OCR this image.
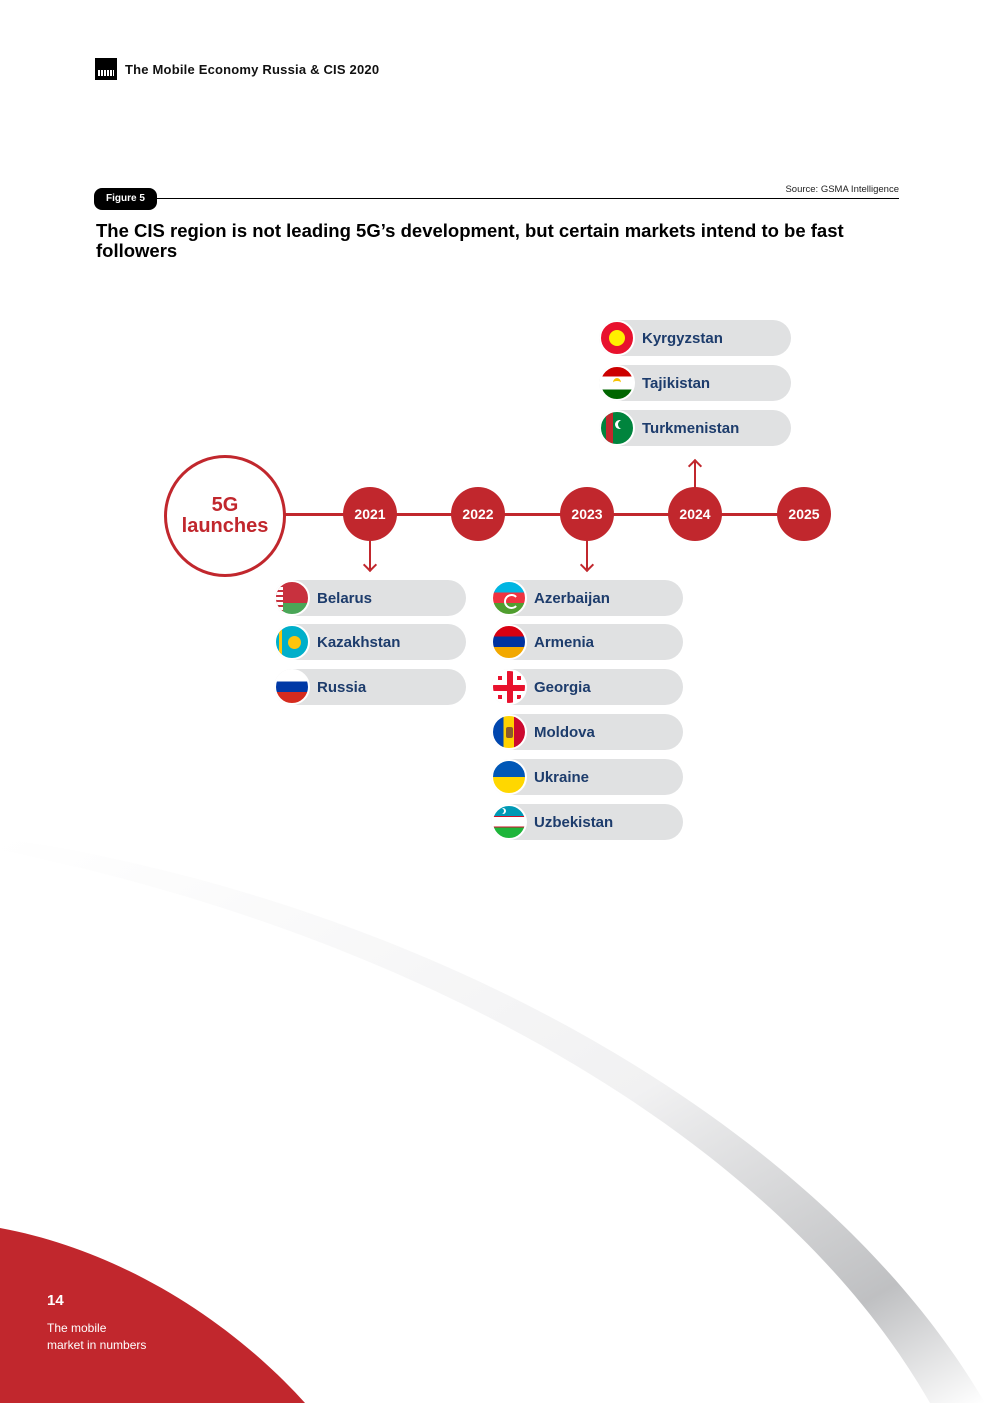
The Mobile Economy Russia & CIS 2020
Figure 5
Source: GSMA Intelligence
The CIS region is not leading 5G’s development, but certain markets intend to be fast followers
5G
launches
2021	2022	2023	2024	2025
Kyrgyzstan
Tajikistan
Turkmenistan
Belarus
Kazakhstan
Russia
Azerbaijan
Armenia
Georgia
Moldova
Ukraine
Uzbekistan
14
The mobile
market in numbers
